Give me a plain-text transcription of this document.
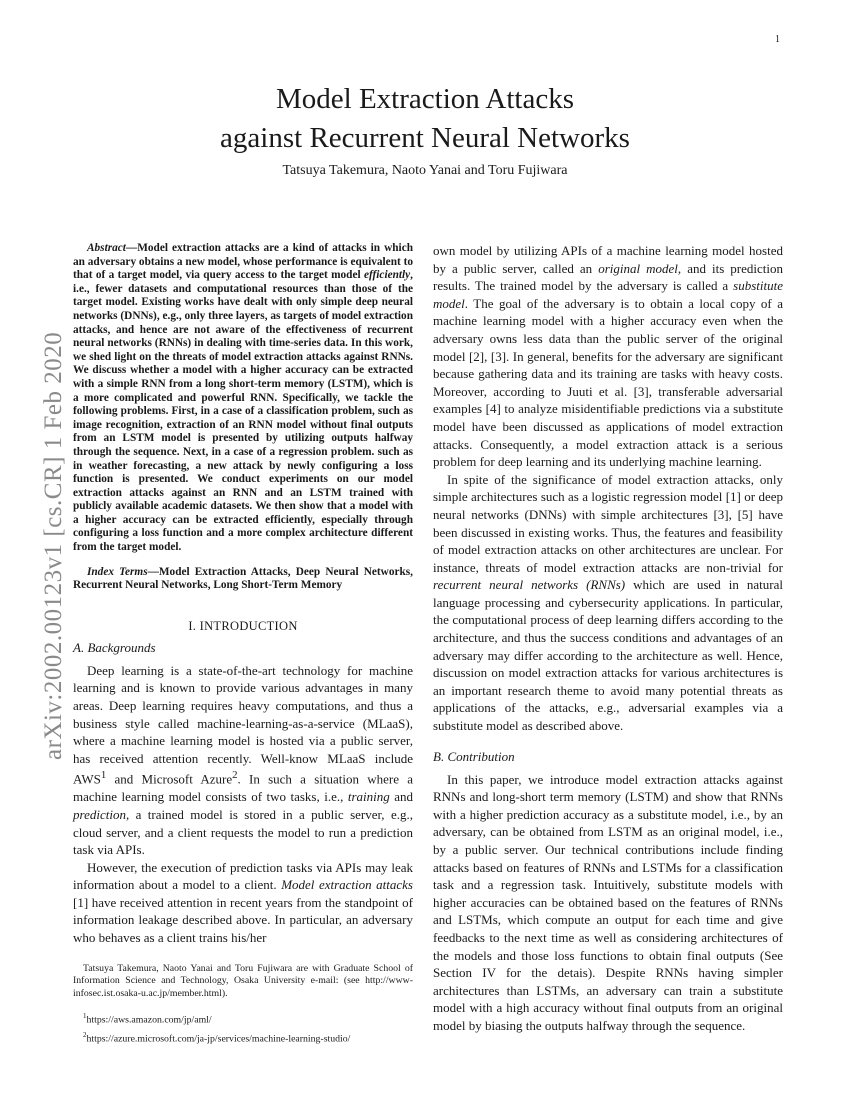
1
arXiv:2002.00123v1 [cs.CR] 1 Feb 2020
Model Extraction Attacks
against Recurrent Neural Networks
Tatsuya Takemura, Naoto Yanai and Toru Fujiwara

Abstract—Model extraction attacks are a kind of attacks in which an adversary obtains a new model, whose performance is equivalent to that of a target model, via query access to the target model efficiently, i.e., fewer datasets and computational resources than those of the target model. Existing works have dealt with only simple deep neural networks (DNNs), e.g., only three layers, as targets of model extraction attacks, and hence are not aware of the effectiveness of recurrent neural networks (RNNs) in dealing with time-series data. In this work, we shed light on the threats of model extraction attacks against RNNs. We discuss whether a model with a higher accuracy can be extracted with a simple RNN from a long short-term memory (LSTM), which is a more complicated and powerful RNN. Specifically, we tackle the following problems. First, in a case of a classification problem, such as image recognition, extraction of an RNN model without final outputs from an LSTM model is presented by utilizing outputs halfway through the sequence. Next, in a case of a regression problem. such as in weather forecasting, a new attack by newly configuring a loss function is presented. We conduct experiments on our model extraction attacks against an RNN and an LSTM trained with publicly available academic datasets. We then show that a model with a higher accuracy can be extracted efficiently, especially through configuring a loss function and a more complex architecture different from the target model.

Index Terms—Model Extraction Attacks, Deep Neural Networks, Recurrent Neural Networks, Long Short-Term Memory

I. INTRODUCTION
A. Backgrounds

Deep learning is a state-of-the-art technology for machine learning and is known to provide various advantages in many areas. Deep learning requires heavy computations, and thus a business style called machine-learning-as-a-service (MLaaS), where a machine learning model is hosted via a public server, has received attention recently. Well-know MLaaS include AWS$^1$ and Microsoft Azure$^2$. In such a situation where a machine learning model consists of two tasks, i.e., training and prediction, a trained model is stored in a public server, e.g., cloud server, and a client requests the model to run a prediction task via APIs.

However, the execution of prediction tasks via APIs may leak information about a model to a client. Model extraction attacks [1] have received attention in recent years from the standpoint of information leakage described above. In particular, an adversary who behaves as a client trains his/her

Tatsuya Takemura, Naoto Yanai and Toru Fujiwara are with Graduate School of Information Science and Technology, Osaka University e-mail: (see http://www-infosec.ist.osaka-u.ac.jp/member.html).

$^1$https://aws.amazon.com/jp/aml/

$^2$https://azure.microsoft.com/ja-jp/services/machine-learning-studio/

own model by utilizing APIs of a machine learning model hosted by a public server, called an original model, and its prediction results. The trained model by the adversary is called a substitute model. The goal of the adversary is to obtain a local copy of a machine learning model with a higher accuracy even when the adversary owns less data than the public server of the original model [2], [3]. In general, benefits for the adversary are significant because gathering data and its training are tasks with heavy costs. Moreover, according to Juuti et al. [3], transferable adversarial examples [4] to analyze misidentifiable predictions via a substitute model have been discussed as applications of model extraction attacks. Consequently, a model extraction attack is a serious problem for deep learning and its underlying machine learning.

In spite of the significance of model extraction attacks, only simple architectures such as a logistic regression model [1] or deep neural networks (DNNs) with simple architectures [3], [5] have been discussed in existing works. Thus, the features and feasibility of model extraction attacks on other architectures are unclear. For instance, threats of model extraction attacks are non-trivial for recurrent neural networks (RNNs) which are used in natural language processing and cybersecurity applications. In particular, the computational process of deep learning differs according to the architecture, and thus the success conditions and advantages of an adversary may differ according to the architecture as well. Hence, discussion on model extraction attacks for various architectures is an important research theme to avoid many potential threats as applications of the attacks, e.g., adversarial examples via a substitute model as described above.

B. Contribution

In this paper, we introduce model extraction attacks against RNNs and long-short term memory (LSTM) and show that RNNs with a higher prediction accuracy as a substitute model, i.e., by an adversary, can be obtained from LSTM as an original model, i.e., by a public server. Our technical contributions include finding attacks based on features of RNNs and LSTMs for a classification task and a regression task. Intuitively, substitute models with higher accuracies can be obtained based on the features of RNNs and LSTMs, which compute an output for each time and give feedbacks to the next time as well as considering architectures of the models and those loss functions to obtain final outputs (See Section IV for the detais). Despite RNNs having simpler architectures than LSTMs, an adversary can train a substitute model with a high accuracy without final outputs from an original model by biasing the outputs halfway through the sequence.
